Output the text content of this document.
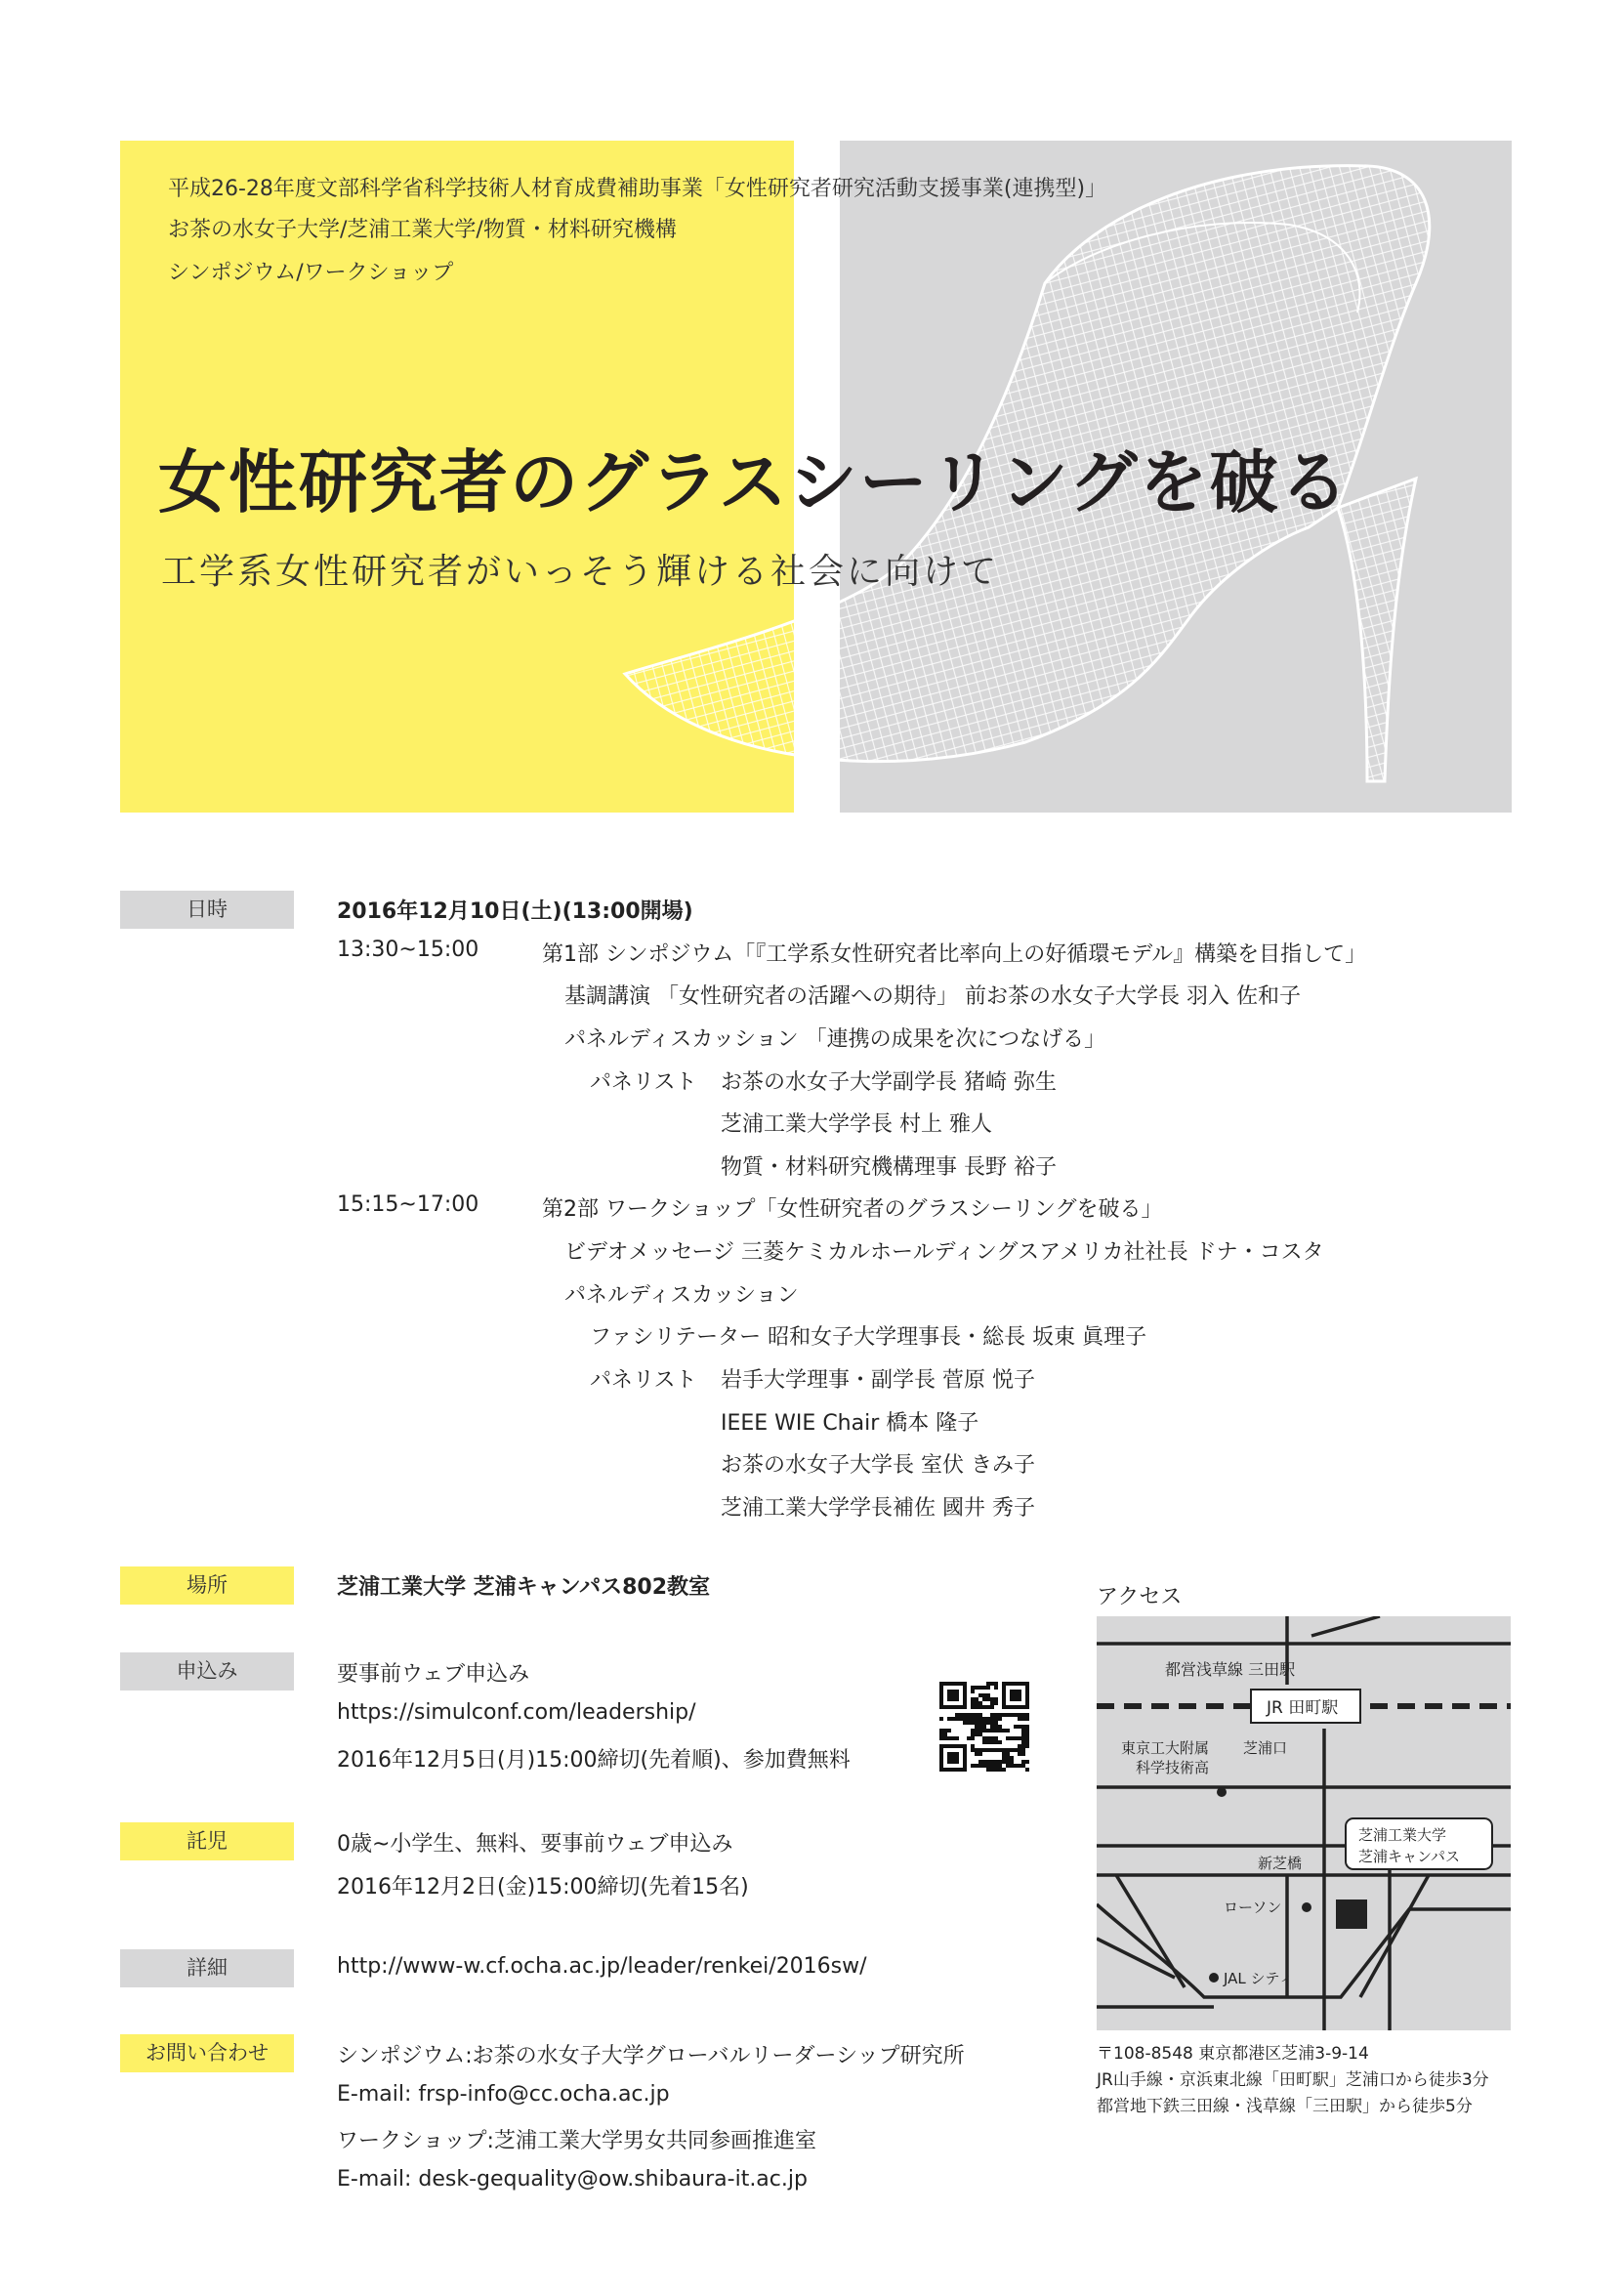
平成26-28年度文部科学省科学技術人材育成費補助事業「女性研究者研究活動支援事業(連携型)」
お茶の水女子大学/芝浦工業大学/物質・材料研究機構
シンポジウム/ワークショップ
女性研究者のグラスシーリングを破る
工学系女性研究者がいっそう輝ける社会に向けて
日時	2016年12月10日(土)(13:00開場)
13:30~15:00	第1部 シンポジウム「『工学系女性研究者比率向上の好循環モデル』構築を目指して」
基調講演 「女性研究者の活躍への期待」 前お茶の水女子大学長 羽入 佐和子
パネルディスカッション 「連携の成果を次につなげる」
パネリスト お茶の水女子大学副学長 猪崎 弥生
芝浦工業大学学長 村上 雅人
物質・材料研究機構理事 長野 裕子
15:15~17:00	第2部 ワークショップ「女性研究者のグラスシーリングを破る」
ビデオメッセージ 三菱ケミカルホールディングスアメリカ社社長 ドナ・コスタ
パネルディスカッション
ファシリテーター 昭和女子大学理事長・総長 坂東 眞理子
パネリスト 岩手大学理事・副学長 菅原 悦子
IEEE WIE Chair 橋本 隆子
お茶の水女子大学長 室伏 きみ子
芝浦工業大学学長補佐 國井 秀子
場所	芝浦工業大学 芝浦キャンパス802教室
申込み	要事前ウェブ申込み
https://simulconf.com/leadership/
2016年12月5日(月)15:00締切(先着順)、参加費無料
託児	0歳~小学生、無料、要事前ウェブ申込み
2016年12月2日(金)15:00締切(先着15名)
詳細	http://www-w.cf.ocha.ac.jp/leader/renkei/2016sw/
お問い合わせ	シンポジウム:お茶の水女子大学グローバルリーダーシップ研究所
E-mail: frsp-info@cc.ocha.ac.jp
ワークショップ:芝浦工業大学男女共同参画推進室
E-mail: desk-gequality@ow.shibaura-it.ac.jp
アクセス
都営浅草線 三田駅
JR 田町駅
東京工大附属
科学技術高
芝浦口
芝浦工業大学
芝浦キャンパス
新芝橋
ローソン
JAL シティ
〒108-8548 東京都港区芝浦3-9-14
JR山手線・京浜東北線「田町駅」芝浦口から徒歩3分
都営地下鉄三田線・浅草線「三田駅」から徒歩5分
